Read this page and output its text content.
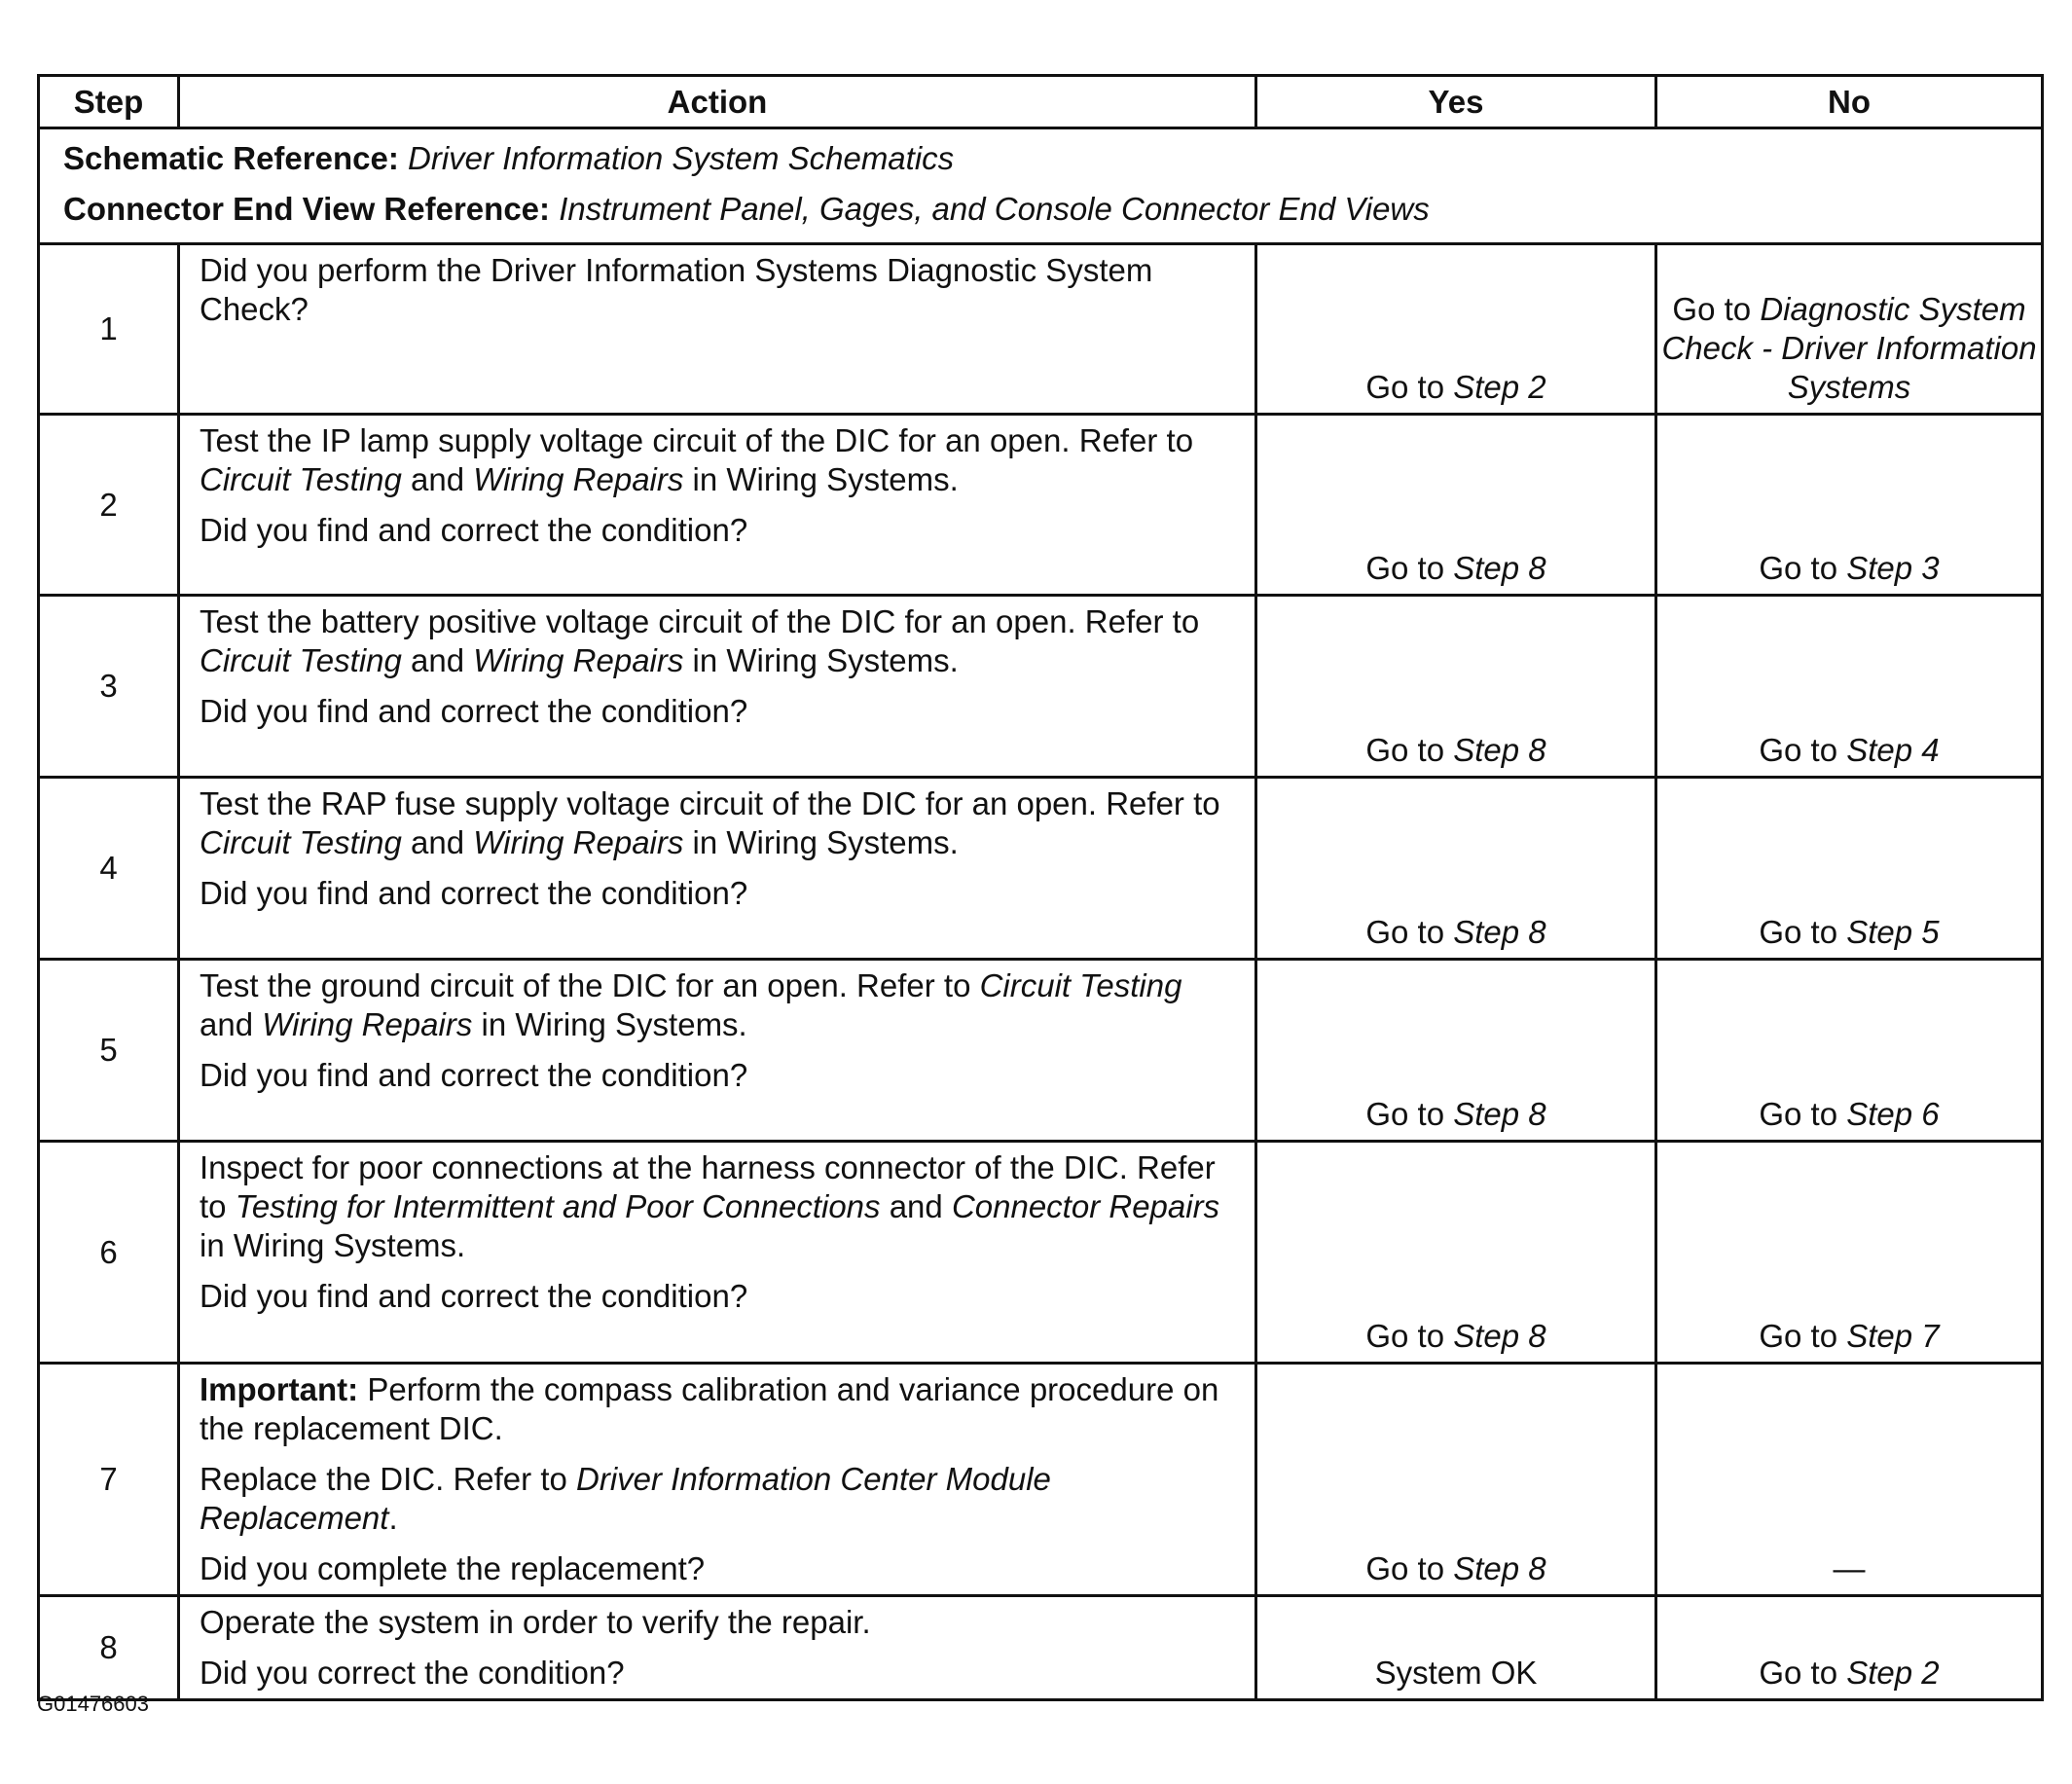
Step	Action	Yes	No

Schematic Reference: Driver Information System Schematics
Connector End View Reference: Instrument Panel, Gages, and Console Connector End Views			

1	Did you perform the Driver Information Systems Diagnostic System Check?	Go to Step 2	Go to Diagnostic System Check - Driver Information Systems

2	Test the IP lamp supply voltage circuit of the DIC for an open. Refer to Circuit Testing and Wiring Repairs in Wiring Systems.
Did you find and correct the condition?	Go to Step 8	Go to Step 3

3	Test the battery positive voltage circuit of the DIC for an open. Refer to Circuit Testing and Wiring Repairs in Wiring Systems.
Did you find and correct the condition?	Go to Step 8	Go to Step 4

4	Test the RAP fuse supply voltage circuit of the DIC for an open. Refer to Circuit Testing and Wiring Repairs in Wiring Systems.
Did you find and correct the condition?	Go to Step 8	Go to Step 5

5	Test the ground circuit of the DIC for an open. Refer to Circuit Testing and Wiring Repairs in Wiring Systems.
Did you find and correct the condition?	Go to Step 8	Go to Step 6

6	Inspect for poor connections at the harness connector of the DIC. Refer to Testing for Intermittent and Poor Connections and Connector Repairs in Wiring Systems.
Did you find and correct the condition?	Go to Step 8	Go to Step 7

7	Important: Perform the compass calibration and variance procedure on the replacement DIC.
Replace the DIC. Refer to Driver Information Center Module Replacement.
Did you complete the replacement?	Go to Step 8	—

8	Operate the system in order to verify the repair.
Did you correct the condition?	System OK	Go to Step 2
G01476603
